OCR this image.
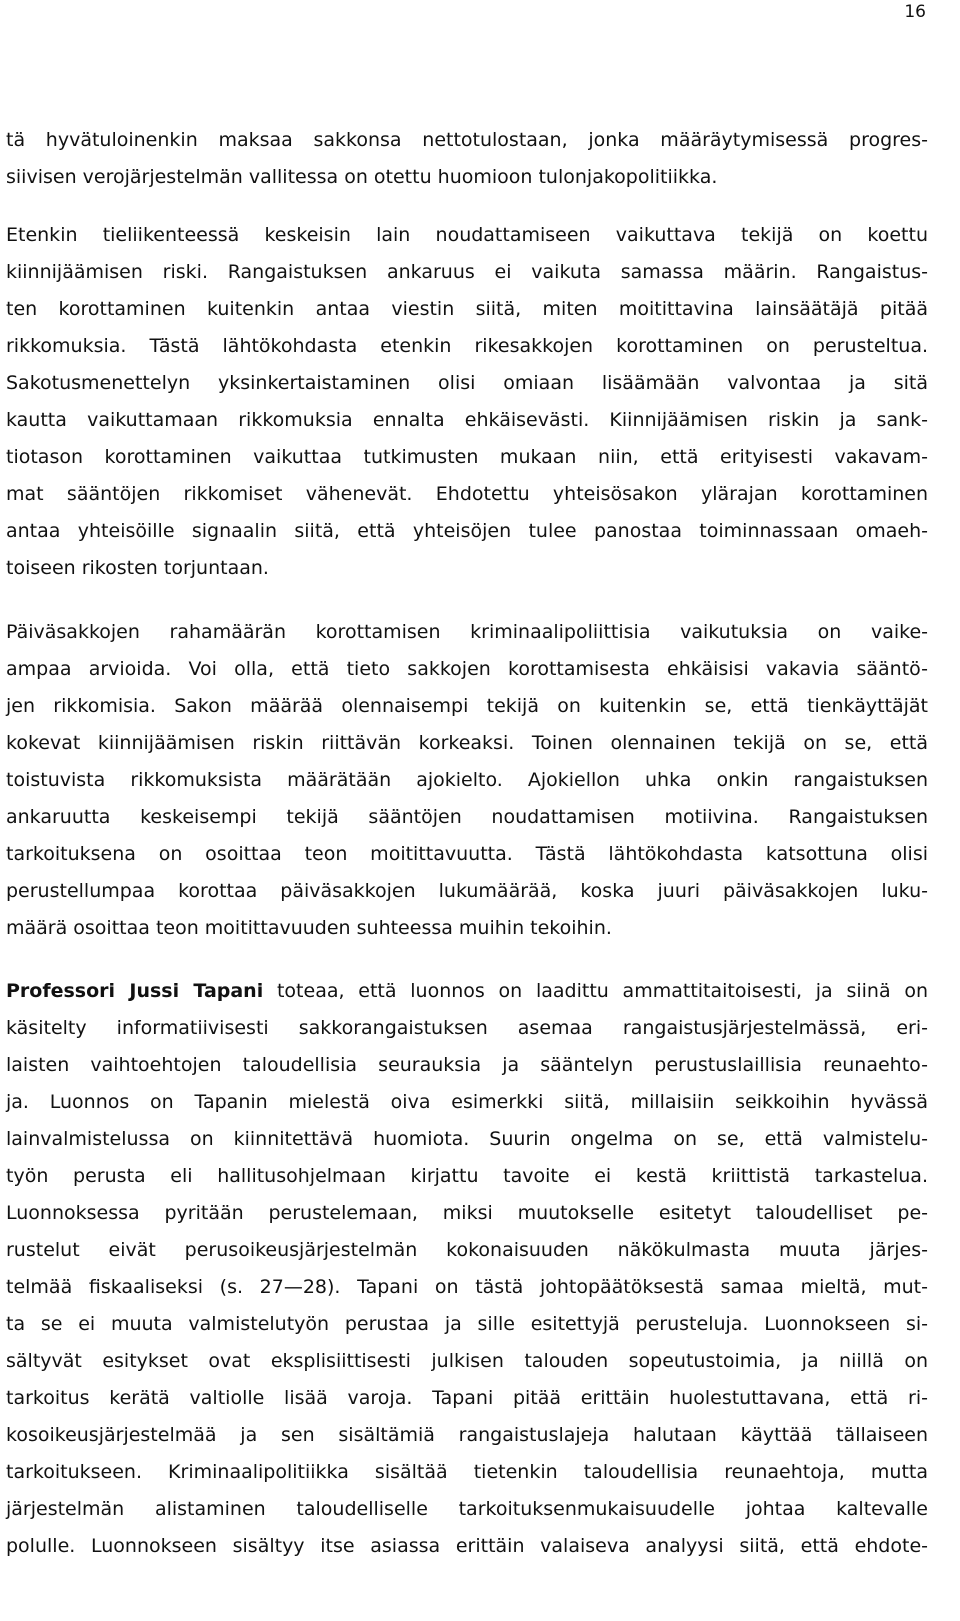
16
tä hyvätuloinenkin maksaa sakkonsa nettotulostaan, jonka määräytymisessä progres-
siivisen verojärjestelmän vallitessa on otettu huomioon tulonjakopolitiikka.
Etenkin tieliikenteessä keskeisin lain noudattamiseen vaikuttava tekijä on koettu
kiinnijäämisen riski. Rangaistuksen ankaruus ei vaikuta samassa määrin. Rangaistus-
ten korottaminen kuitenkin antaa viestin siitä, miten moitittavina lainsäätäjä pitää
rikkomuksia. Tästä lähtökohdasta etenkin rikesakkojen korottaminen on perusteltua.
Sakotusmenettelyn yksinkertaistaminen olisi omiaan lisäämään valvontaa ja sitä
kautta vaikuttamaan rikkomuksia ennalta ehkäisevästi. Kiinnijäämisen riskin ja sank-
tiotason korottaminen vaikuttaa tutkimusten mukaan niin, että erityisesti vakavam-
mat sääntöjen rikkomiset vähenevät. Ehdotettu yhteisösakon ylärajan korottaminen
antaa yhteisöille signaalin siitä, että yhteisöjen tulee panostaa toiminnassaan omaeh-
toiseen rikosten torjuntaan.
Päiväsakkojen rahamäärän korottamisen kriminaalipoliittisia vaikutuksia on vaike-
ampaa arvioida. Voi olla, että tieto sakkojen korottamisesta ehkäisisi vakavia sääntö-
jen rikkomisia. Sakon määrää olennaisempi tekijä on kuitenkin se, että tienkäyttäjät
kokevat kiinnijäämisen riskin riittävän korkeaksi. Toinen olennainen tekijä on se, että
toistuvista rikkomuksista määrätään ajokielto. Ajokiellon uhka onkin rangaistuksen
ankaruutta keskeisempi tekijä sääntöjen noudattamisen motiivina. Rangaistuksen
tarkoituksena on osoittaa teon moitittavuutta. Tästä lähtökohdasta katsottuna olisi
perustellumpaa korottaa päiväsakkojen lukumäärää, koska juuri päiväsakkojen luku-
määrä osoittaa teon moitittavuuden suhteessa muihin tekoihin.
Professori Jussi Tapani toteaa, että luonnos on laadittu ammattitaitoisesti, ja siinä on
käsitelty informatiivisesti sakkorangaistuksen asemaa rangaistusjärjestelmässä, eri-
laisten vaihtoehtojen taloudellisia seurauksia ja sääntelyn perustuslaillisia reunaehto-
ja. Luonnos on Tapanin mielestä oiva esimerkki siitä, millaisiin seikkoihin hyvässä
lainvalmistelussa on kiinnitettävä huomiota. Suurin ongelma on se, että valmistelu-
työn perusta eli hallitusohjelmaan kirjattu tavoite ei kestä kriittistä tarkastelua.
Luonnoksessa pyritään perustelemaan, miksi muutokselle esitetyt taloudelliset pe-
rustelut eivät perusoikeusjärjestelmän kokonaisuuden näkökulmasta muuta järjes-
telmää fiskaaliseksi (s. 27—28). Tapani on tästä johtopäätöksestä samaa mieltä, mut-
ta se ei muuta valmistelutyön perustaa ja sille esitettyjä perusteluja. Luonnokseen si-
sältyvät esitykset ovat eksplisiittisesti julkisen talouden sopeutustoimia, ja niillä on
tarkoitus kerätä valtiolle lisää varoja. Tapani pitää erittäin huolestuttavana, että ri-
kosoikeusjärjestelmää ja sen sisältämiä rangaistuslajeja halutaan käyttää tällaiseen
tarkoitukseen. Kriminaalipolitiikka sisältää tietenkin taloudellisia reunaehtoja, mutta
järjestelmän alistaminen taloudelliselle tarkoituksenmukaisuudelle johtaa kaltevalle
polulle. Luonnokseen sisältyy itse asiassa erittäin valaiseva analyysi siitä, että ehdote-
